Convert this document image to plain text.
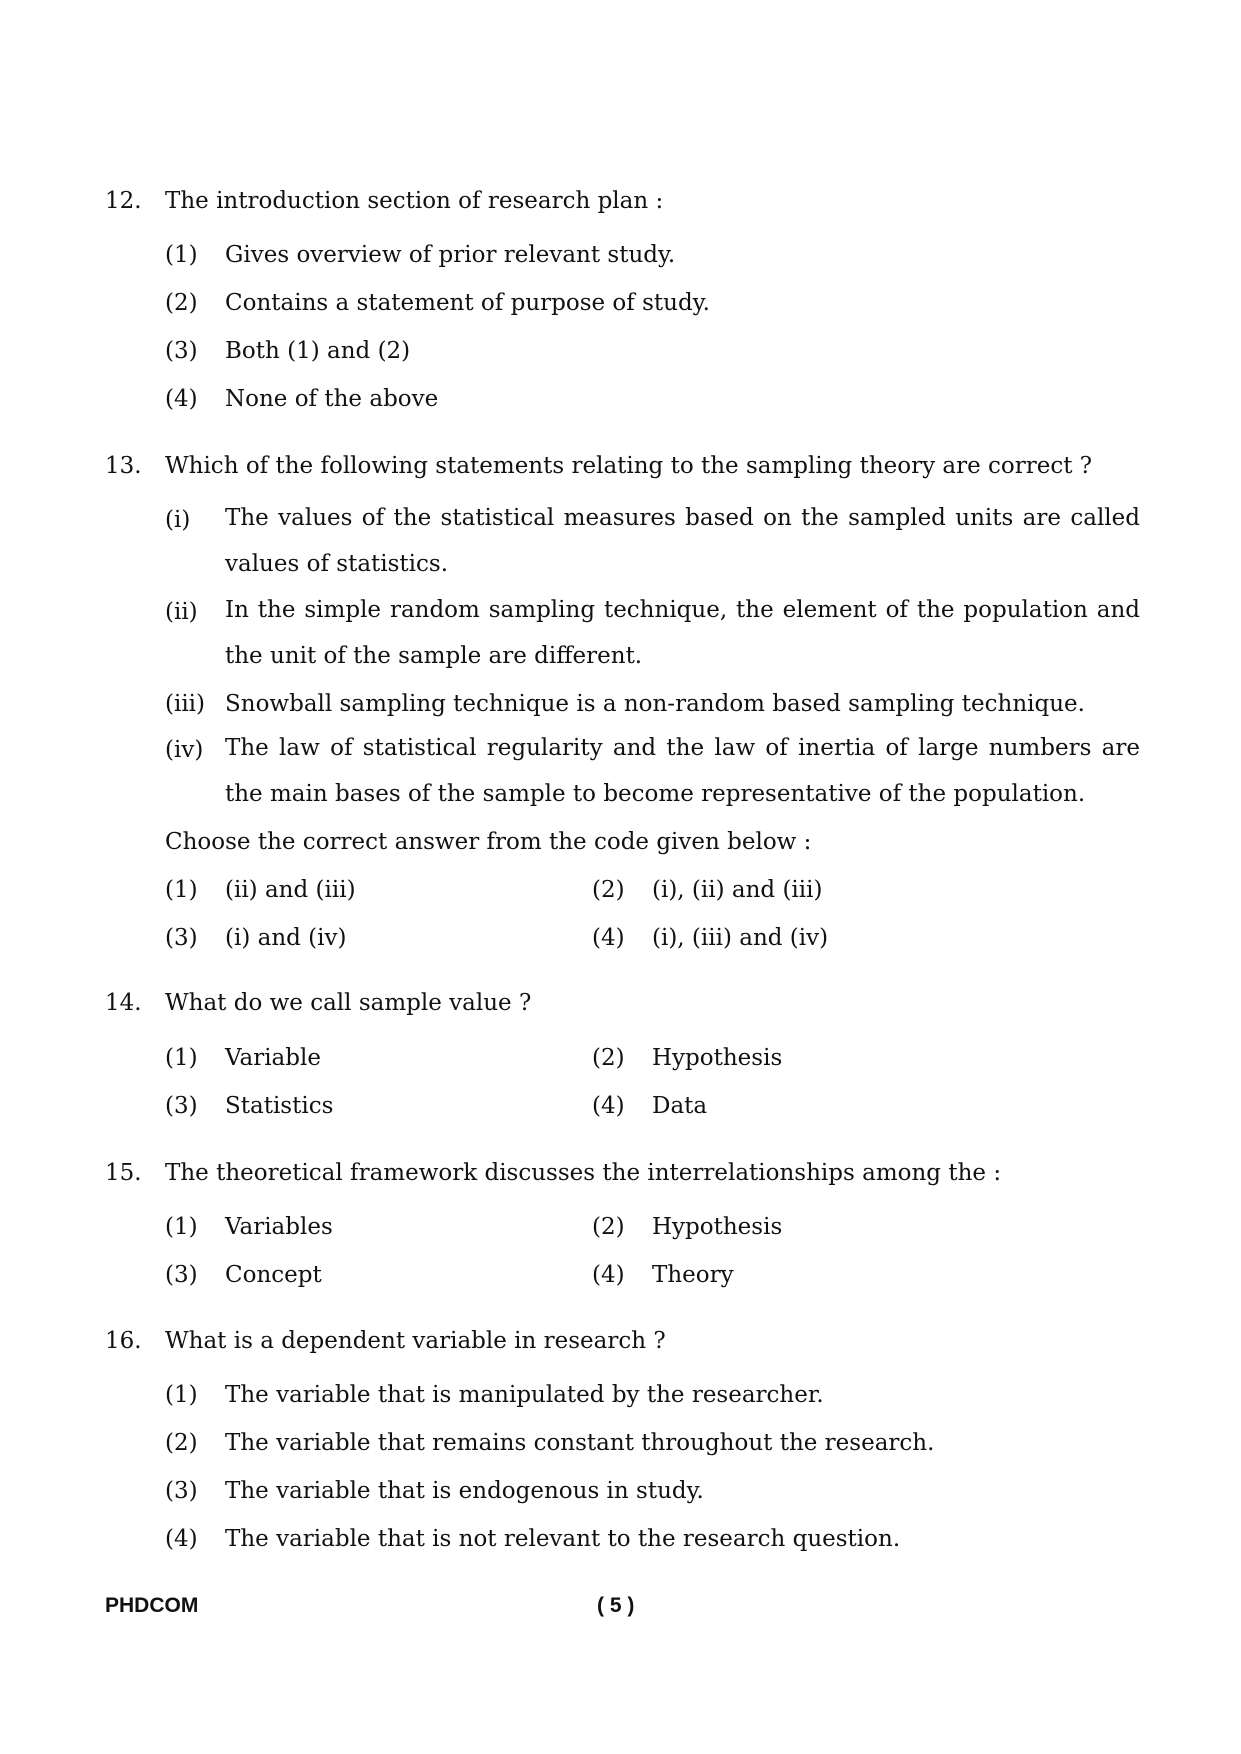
12. The introduction section of research plan :
(1) Gives overview of prior relevant study.
(2) Contains a statement of purpose of study.
(3) Both (1) and (2)
(4) None of the above
13. Which of the following statements relating to the sampling theory are correct ?
(i) The values of the statistical measures based on the sampled units are called values of statistics.
(ii) In the simple random sampling technique, the element of the population and the unit of the sample are different.
(iii) Snowball sampling technique is a non-random based sampling technique.
(iv) The law of statistical regularity and the law of inertia of large numbers are the main bases of the sample to become representative of the population.
Choose the correct answer from the code given below :
(1) (ii) and (iii)	(2) (i), (ii) and (iii)
(3) (i) and (iv)	(4) (i), (iii) and (iv)
14. What do we call sample value ?
(1) Variable	(2) Hypothesis
(3) Statistics	(4) Data
15. The theoretical framework discusses the interrelationships among the :
(1) Variables	(2) Hypothesis
(3) Concept	(4) Theory
16. What is a dependent variable in research ?
(1) The variable that is manipulated by the researcher.
(2) The variable that remains constant throughout the research.
(3) The variable that is endogenous in study.
(4) The variable that is not relevant to the research question.
PHDCOM	( 5 )
